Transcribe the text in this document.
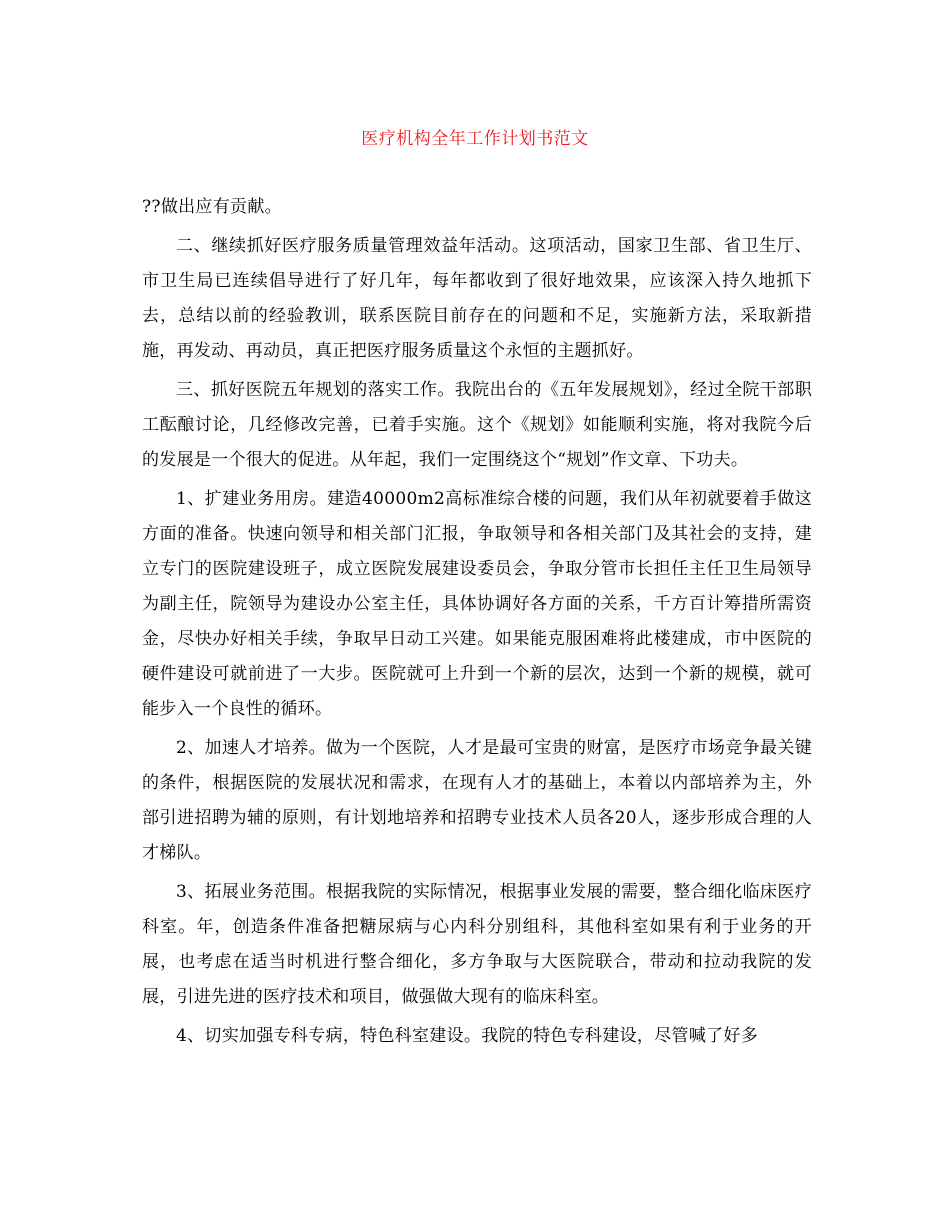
医疗机构全年工作计划书范文

??做出应有贡献。

二、继续抓好医疗服务质量管理效益年活动。这项活动，国家卫生部、省卫生厅、市卫生局已连续倡导进行了好几年，每年都收到了很好地效果，应该深入持久地抓下去，总结以前的经验教训，联系医院目前存在的问题和不足，实施新方法，采取新措施，再发动、再动员，真正把医疗服务质量这个永恒的主题抓好。

三、抓好医院五年规划的落实工作。我院出台的《五年发展规划》，经过全院干部职工酝酿讨论，几经修改完善，已着手实施。这个《规划》如能顺利实施，将对我院今后的发展是一个很大的促进。从年起，我们一定围绕这个“规划”作文章、下功夫。

1、扩建业务用房。建造40000m2高标准综合楼的问题，我们从年初就要着手做这方面的准备。快速向领导和相关部门汇报，争取领导和各相关部门及其社会的支持，建立专门的医院建设班子，成立医院发展建设委员会，争取分管市长担任主任卫生局领导为副主任，院领导为建设办公室主任，具体协调好各方面的关系，千方百计筹措所需资金，尽快办好相关手续，争取早日动工兴建。如果能克服困难将此楼建成，市中医院的硬件建设可就前进了一大步。医院就可上升到一个新的层次，达到一个新的规模，就可能步入一个良性的循环。

2、加速人才培养。做为一个医院，人才是最可宝贵的财富，是医疗市场竞争最关键的条件，根据医院的发展状况和需求，在现有人才的基础上，本着以内部培养为主，外部引进招聘为辅的原则，有计划地培养和招聘专业技术人员各20人，逐步形成合理的人才梯队。

3、拓展业务范围。根据我院的实际情况，根据事业发展的需要，整合细化临床医疗科室。年，创造条件准备把糖尿病与心内科分别组科，其他科室如果有利于业务的开展，也考虑在适当时机进行整合细化，多方争取与大医院联合，带动和拉动我院的发展，引进先进的医疗技术和项目，做强做大现有的临床科室。

4、切实加强专科专病，特色科室建设。我院的特色专科建设，尽管喊了好多
